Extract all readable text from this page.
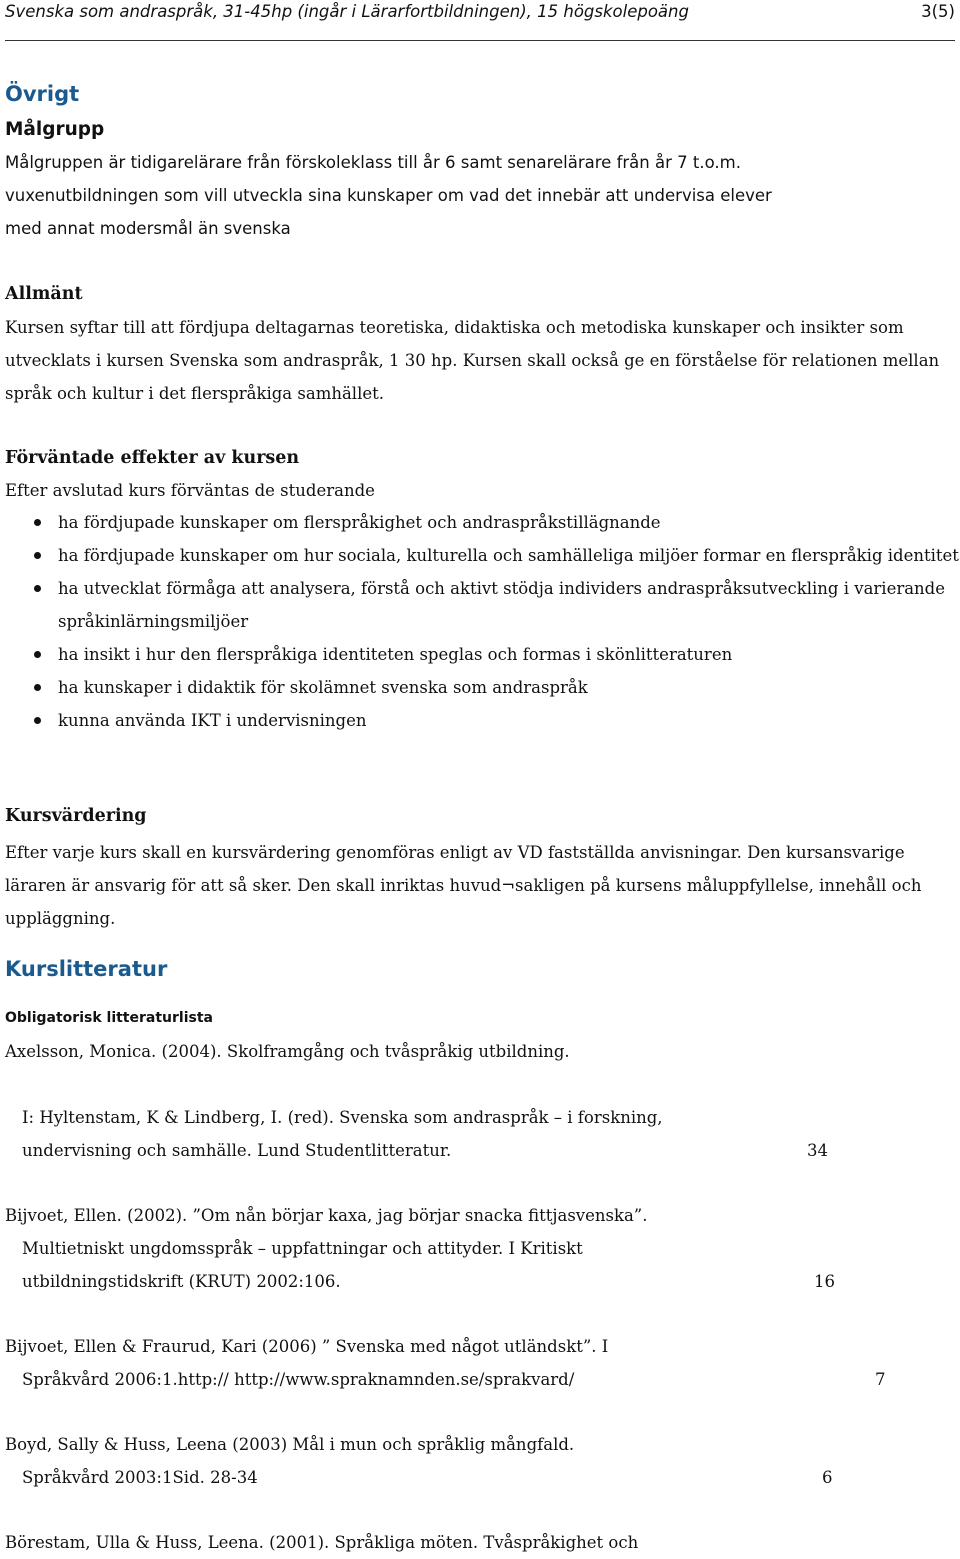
Svenska som andraspråk, 31-45hp (ingår i Lärarfortbildningen), 15 högskolepoäng	3(5)
Övrigt
Målgrupp

Målgruppen är tidigarelärare från förskoleklass till år 6 samt senarelärare från år 7 t.o.m. vuxenutbildningen som vill utveckla sina kunskaper om vad det innebär att undervisa elever med annat modersmål än svenska

Allmänt

Kursen syftar till att fördjupa deltagarnas teoretiska, didaktiska och metodiska kunskaper och insikter som utvecklats i kursen Svenska som andraspråk, 1 30 hp. Kursen skall också ge en förståelse för relationen mellan språk och kultur i det flerspråkiga samhället.

Förväntade effekter av kursen

Efter avslutad kurs förväntas de studerande

ha fördjupade kunskaper om flerspråkighet och andraspråkstillägnande
ha fördjupade kunskaper om hur sociala, kulturella och samhälleliga miljöer formar en flerspråkig identitet
ha utvecklat förmåga att analysera, förstå och aktivt stödja individers andraspråksutveckling i varierande språkinlärningsmiljöer
ha insikt i hur den flerspråkiga identiteten speglas och formas i skönlitteraturen
ha kunskaper i didaktik för skolämnet svenska som andraspråk
kunna använda IKT i undervisningen
Kursvärdering

Efter varje kurs skall en kursvärdering genomföras enligt av VD fastställda anvisningar. Den kursansvarige läraren är ansvarig för att så sker. Den skall inriktas huvud¬sakligen på kursens måluppfyllelse, innehåll och uppläggning.

Kurslitteratur
Obligatorisk litteraturlista
Axelsson, Monica. (2004). Skolframgång och tvåspråkig utbildning.
I: Hyltenstam, K & Lindberg, I. (red). Svenska som andraspråk – i forskning,
undervisning och samhälle. Lund Studentlitteratur.	34
Bijvoet, Ellen. (2002). ”Om nån börjar kaxa, jag börjar snacka fittjasvenska”.
Multietniskt ungdomsspråk – uppfattningar och attityder. I Kritiskt
utbildningstidskrift (KRUT) 2002:106.	16
Bijvoet, Ellen & Fraurud, Kari (2006) ” Svenska med något utländskt”. I
Språkvård 2006:1.http:// http://www.spraknamnden.se/sprakvard/	7
Boyd, Sally & Huss, Leena (2003) Mål i mun och språklig mångfald.
Språkvård 2003:1Sid. 28-34	6
Börestam, Ulla & Huss, Leena. (2001). Språkliga möten. Tvåspråkighet och
